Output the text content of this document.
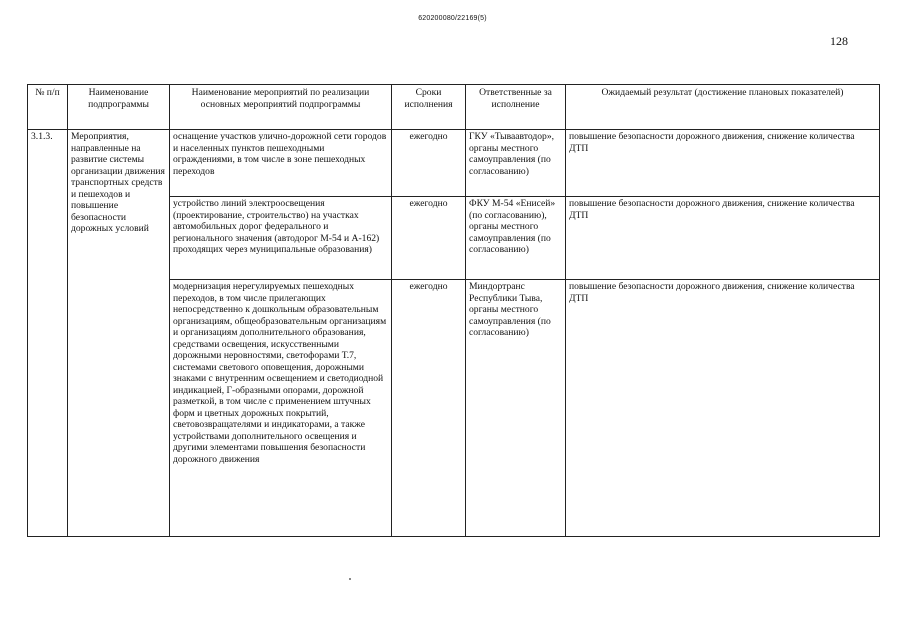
620200080/22169(5)
128
№ п/п	Наименование подпрограммы	Наименование мероприятий по реализации основных мероприятий подпрограммы	Сроки исполнения	Ответственные за исполнение	Ожидаемый результат (достижение плановых показателей)
3.1.3.	Мероприятия, направленные на развитие системы организации движения транспортных средств и пешеходов и повышение безопасности дорожных условий	оснащение участков улично-дорожной сети городов и населенных пунктов пешеходными ограждениями, в том числе в зоне пешеходных переходов	ежегодно	ГКУ «Тываавтодор», органы местного самоуправления (по согласованию)	повышение безопасности дорожного движения, снижение количества ДТП
		устройство линий электроосвещения (проектирование, строительство) на участках автомобильных дорог федерального и регионального значения (автодорог М-54 и А-162) проходящих через муниципальные образования)	ежегодно	ФКУ М-54 «Енисей» (по согласованию), органы местного самоуправления (по согласованию)	повышение безопасности дорожного движения, снижение количества ДТП
		модернизация нерегулируемых пешеходных переходов, в том числе прилегающих непосредственно к дошкольным образовательным организациям, общеобразовательным организациям и организациям дополнительного образования, средствами освещения, искусственными дорожными неровностями, светофорами Т.7, системами светового оповещения, дорожными знаками с внутренним освещением и светодиодной индикацией, Г-образными опорами, дорожной разметкой, в том числе с применением штучных форм и цветных дорожных покрытий, световозвращателями и индикаторами, а также устройствами дополнительного освещения и другими элементами повышения безопасности дорожного движения	ежегодно	Миндортранс Республики Тыва, органы местного самоуправления (по согласованию)	повышение безопасности дорожного движения, снижение количества ДТП
